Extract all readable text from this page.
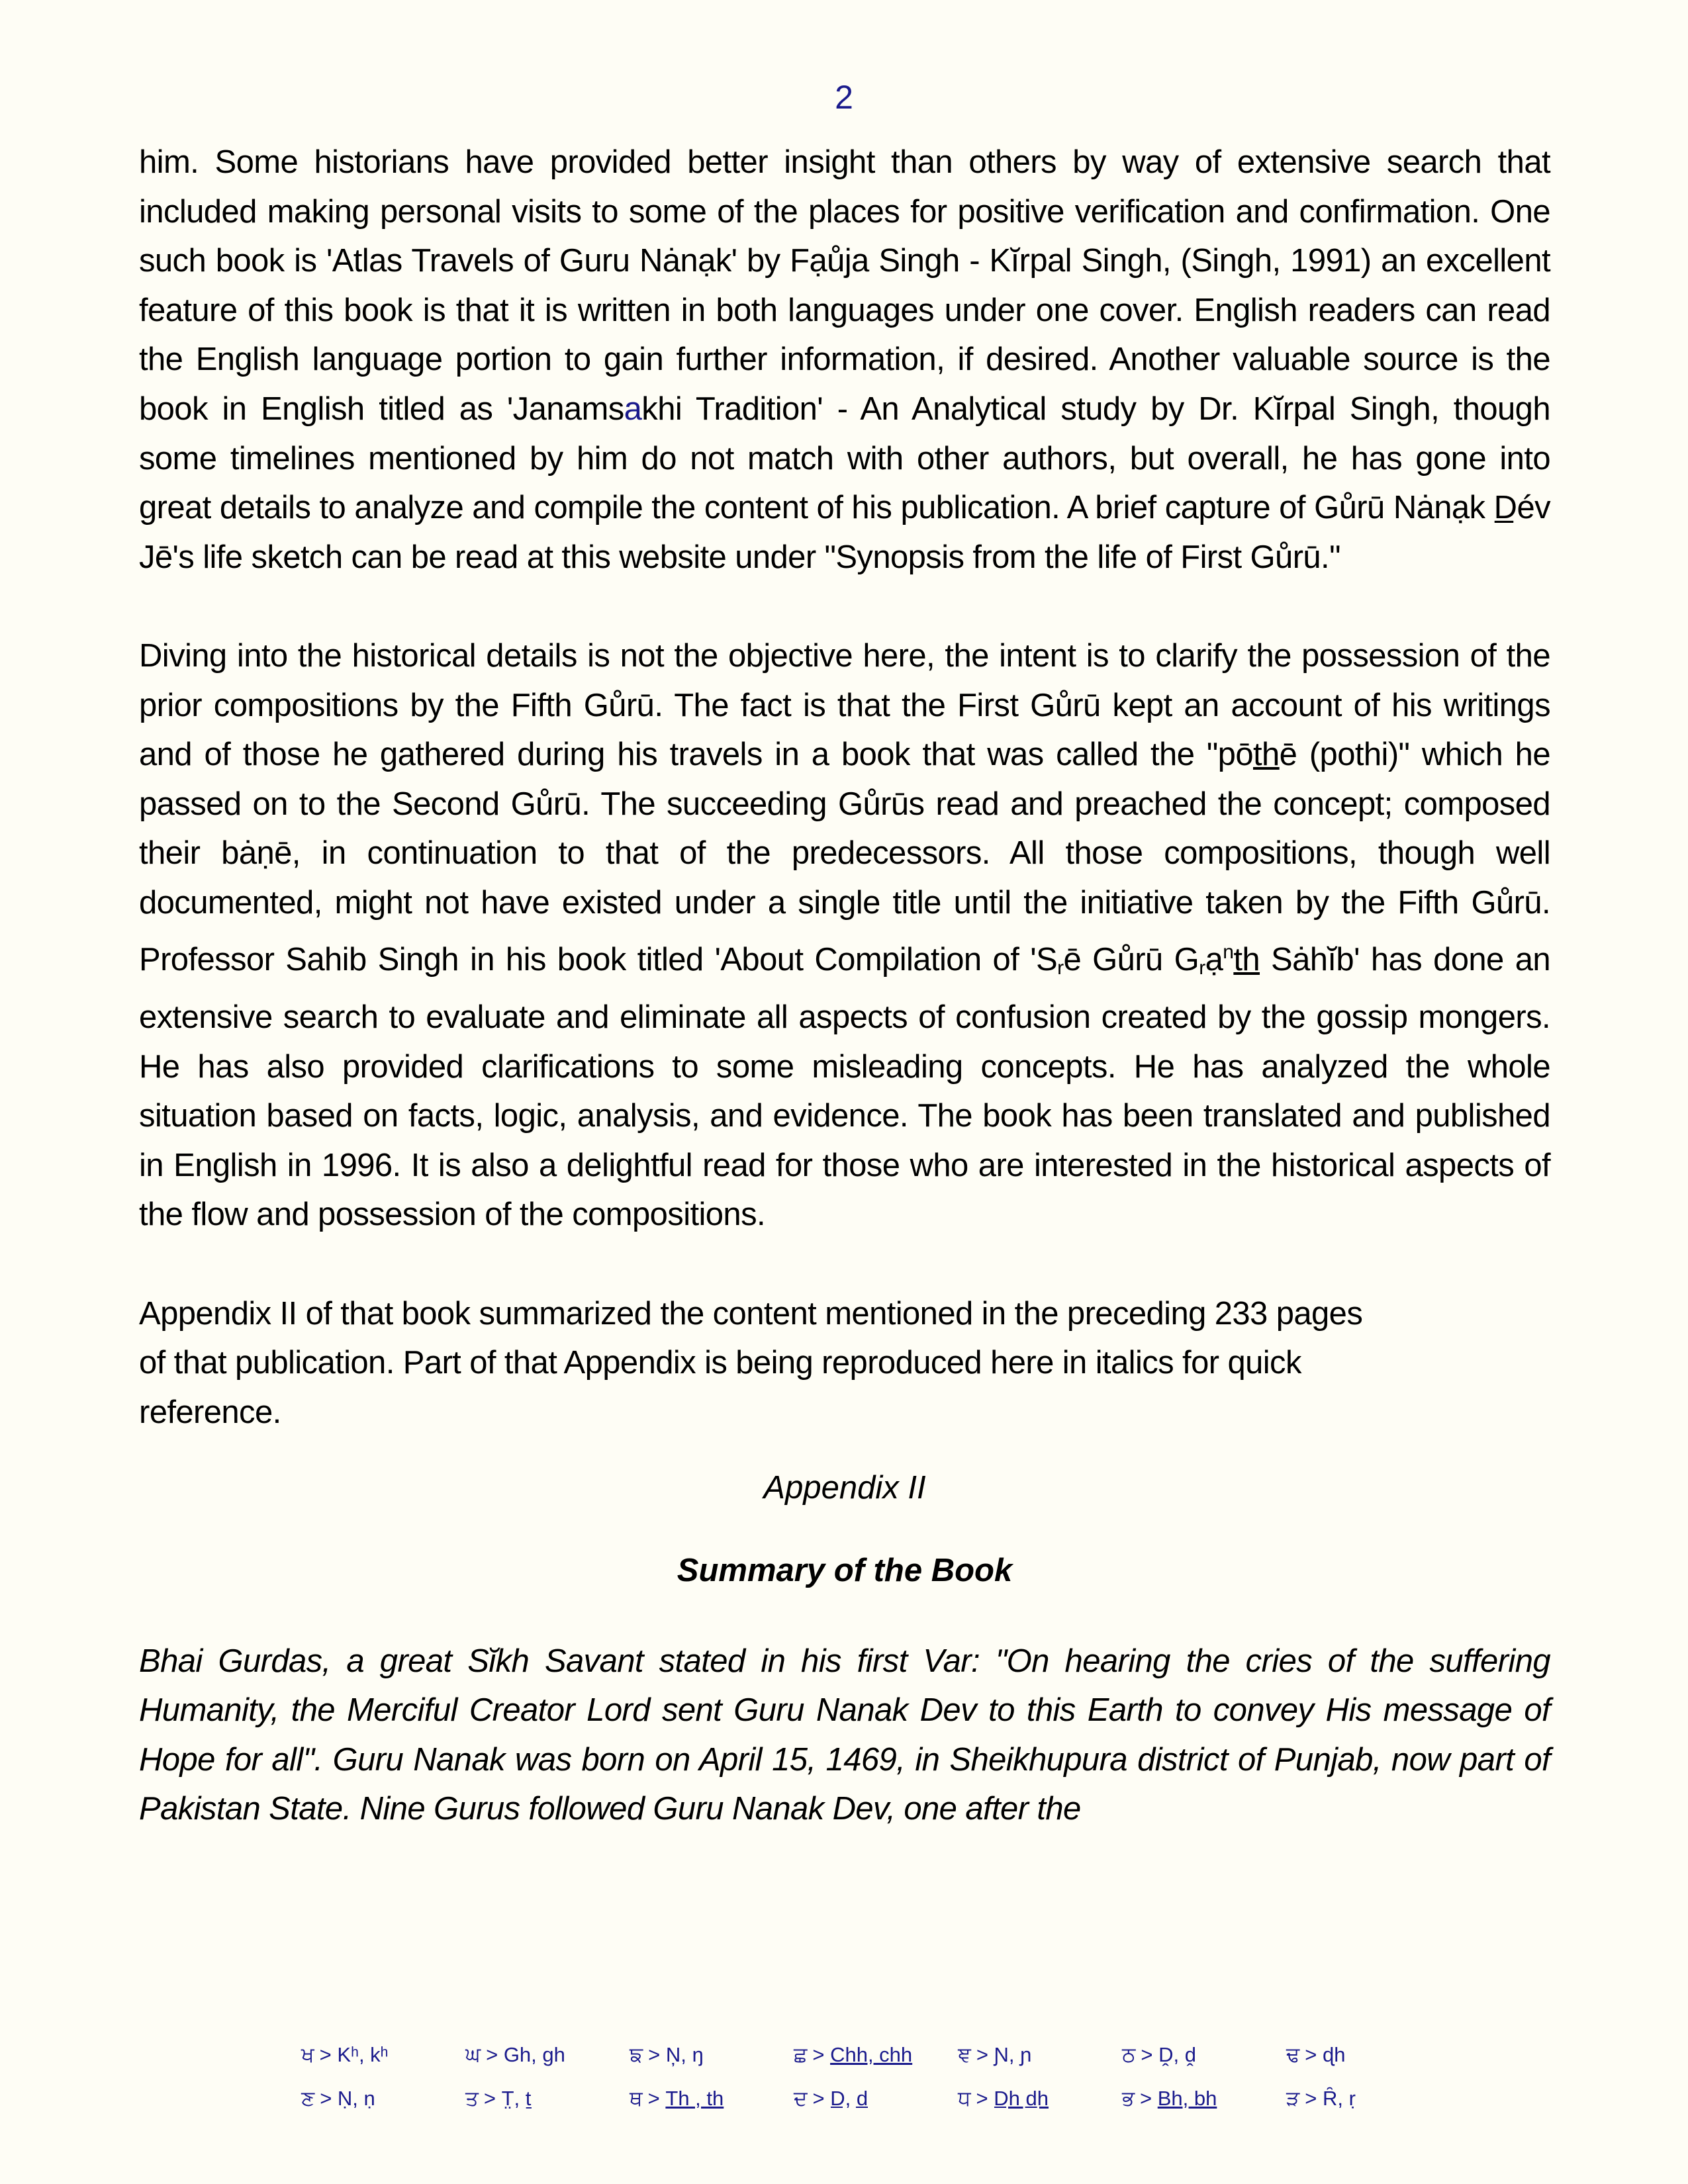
2

him. Some historians have provided better insight than others by way of extensive search that included making personal visits to some of the places for positive verification and confirmation. One such book is 'Atlas Travels of Guru Nȧnạk' by Fạůja Singh - Kĭrpal Singh, (Singh, 1991) an excellent feature of this book is that it is written in both languages under one cover. English readers can read the English language portion to gain further information, if desired. Another valuable source is the book in English titled as 'Janamsakhi Tradition' - An Analytical study by Dr. Kĭrpal Singh, though some timelines mentioned by him do not match with other authors, but overall, he has gone into great details to analyze and compile the content of his publication. A brief capture of Gůrū Nȧnạk D̲év Jē's life sketch can be read at this website under "Synopsis from the life of First Gůrū."

Diving into the historical details is not the objective here, the intent is to clarify the possession of the prior compositions by the Fifth Gůrū. The fact is that the First Gůrū kept an account of his writings and of those he gathered during his travels in a book that was called the "pōthē (pothi)" which he passed on to the Second Gůrū. The succeeding Gůrūs read and preached the concept; composed their bȧṇē, in continuation to that of the predecessors. All those compositions, though well documented, might not have existed under a single title until the initiative taken by the Fifth Gůrū. Professor Sahib Singh in his book titled 'About Compilation of '$S_rē$ Gůrū $G_rạ^nth$ Sȧhĭb' has done an extensive search to evaluate and eliminate all aspects of confusion created by the gossip mongers. He has also provided clarifications to some misleading concepts. He has analyzed the whole situation based on facts, logic, analysis, and evidence. The book has been translated and published in English in 1996. It is also a delightful read for those who are interested in the historical aspects of the flow and possession of the compositions.

Appendix II of that book summarized the content mentioned in the preceding 233 pages
of that publication. Part of that Appendix is being reproduced here in italics for quick
reference.

Appendix II

Summary of the Book

Bhai Gurdas, a great Sĭkh Savant stated in his first Var: "On hearing the cries of the suffering Humanity, the Merciful Creator Lord sent Guru Nanak Dev to this Earth to convey His message of Hope for all". Guru Nanak was born on April 15, 1469, in Sheikhupura district of Punjab, now part of Pakistan State. Nine Gurus followed Guru Nanak Dev, one after the

ਖ > Kʰ, kʰ	ਘ > Gh, gh	ਙ > N̦, ŋ	ਛ > Chh, chh	ਞ > Ɲ, ɲ	ਠ > Ḓ, ḓ	ਢ > ɖh
ਣ > Ṇ, ṇ	ਤ > T̤, ṯ	ਥ > Th , th	ਦ > D̲, d̲	ਧ > D̲h d̲h	ਭ > Bh, bh	ੜ > Ȓ, ṛ
